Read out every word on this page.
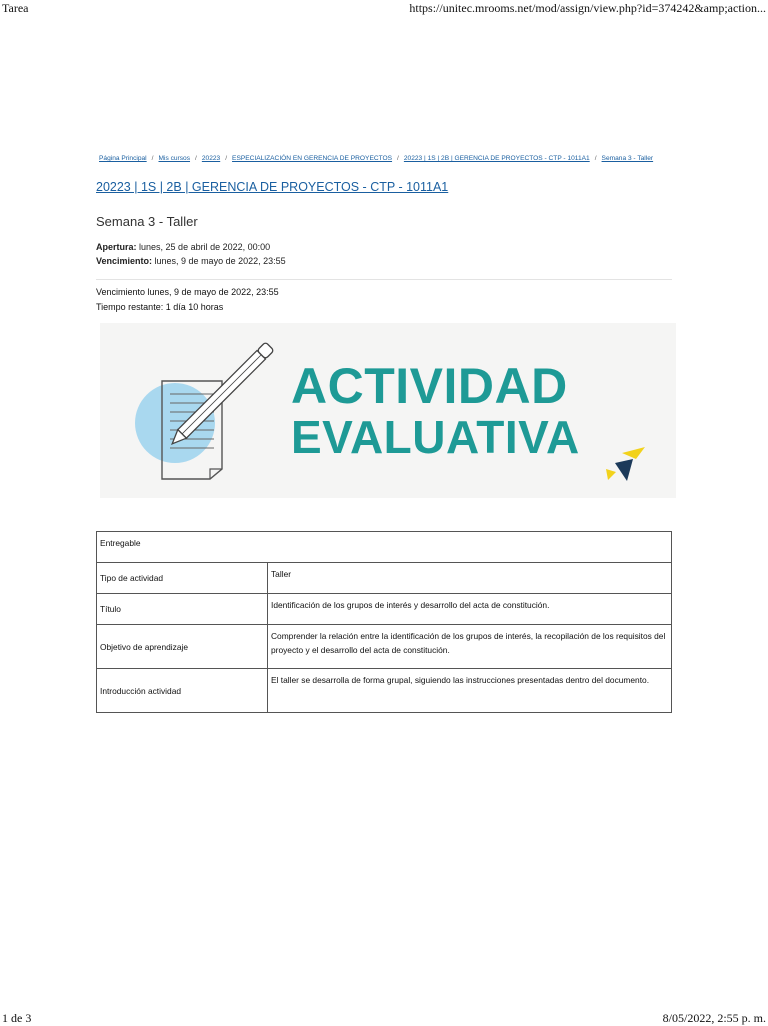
Tarea	https://unitec.mrooms.net/mod/assign/view.php?id=374242&amp;action...
Página Principal / Mis cursos / 20223 / ESPECIALIZACIÓN EN GERENCIA DE PROYECTOS / 20223 | 1S | 2B | GERENCIA DE PROYECTOS - CTP - 1011A1 / Semana 3 - Taller
20223 | 1S | 2B | GERENCIA DE PROYECTOS - CTP - 1011A1
Semana 3 - Taller
Apertura: lunes, 25 de abril de 2022, 00:00
Vencimiento: lunes, 9 de mayo de 2022, 23:55
Vencimiento lunes, 9 de mayo de 2022, 23:55
Tiempo restante: 1 día 10 horas
ACTIVIDAD
EVALUATIVA
Entregable	
Tipo de actividad	Taller
Título	Identificación de los grupos de interés y desarrollo del acta de constitución.
Objetivo de aprendizaje	Comprender la relación entre la identificación de los grupos de interés, la recopilación de los requisitos del proyecto y el desarrollo del acta de constitución.
Introducción actividad	El taller se desarrolla de forma grupal, siguiendo las instrucciones presentadas dentro del documento.
1 de 3	8/05/2022, 2:55 p. m.
